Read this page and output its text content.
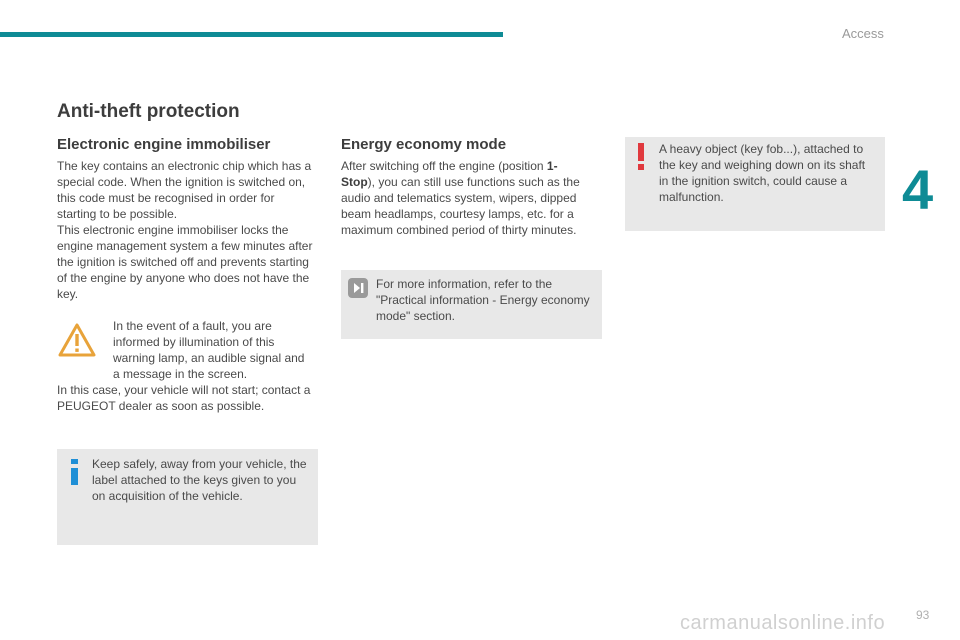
Access
4
Anti-theft protection
Electronic engine immobiliser

The key contains an electronic chip which has a special code. When the ignition is switched on, this code must be recognised in order for starting to be possible.

This electronic engine immobiliser locks the engine management system a few minutes after the ignition is switched off and prevents starting of the engine by anyone who does not have the key.

In the event of a fault, you are informed by illumination of this warning lamp, an audible signal and a message in the screen.
In this case, your vehicle will not start; contact a PEUGEOT dealer as soon as possible.
Keep safely, away from your vehicle, the label attached to the keys given to you on acquisition of the vehicle.
Energy economy mode
After switching off the engine (position 1-Stop), you can still use functions such as the audio and telematics system, wipers, dipped beam headlamps, courtesy lamps, etc. for a maximum combined period of thirty minutes.
For more information, refer to the "Practical information - Energy economy mode" section.
A heavy object (key fob...), attached to the key and weighing down on its shaft in the ignition switch, could cause a malfunction.
carmanualsonline.info	93
